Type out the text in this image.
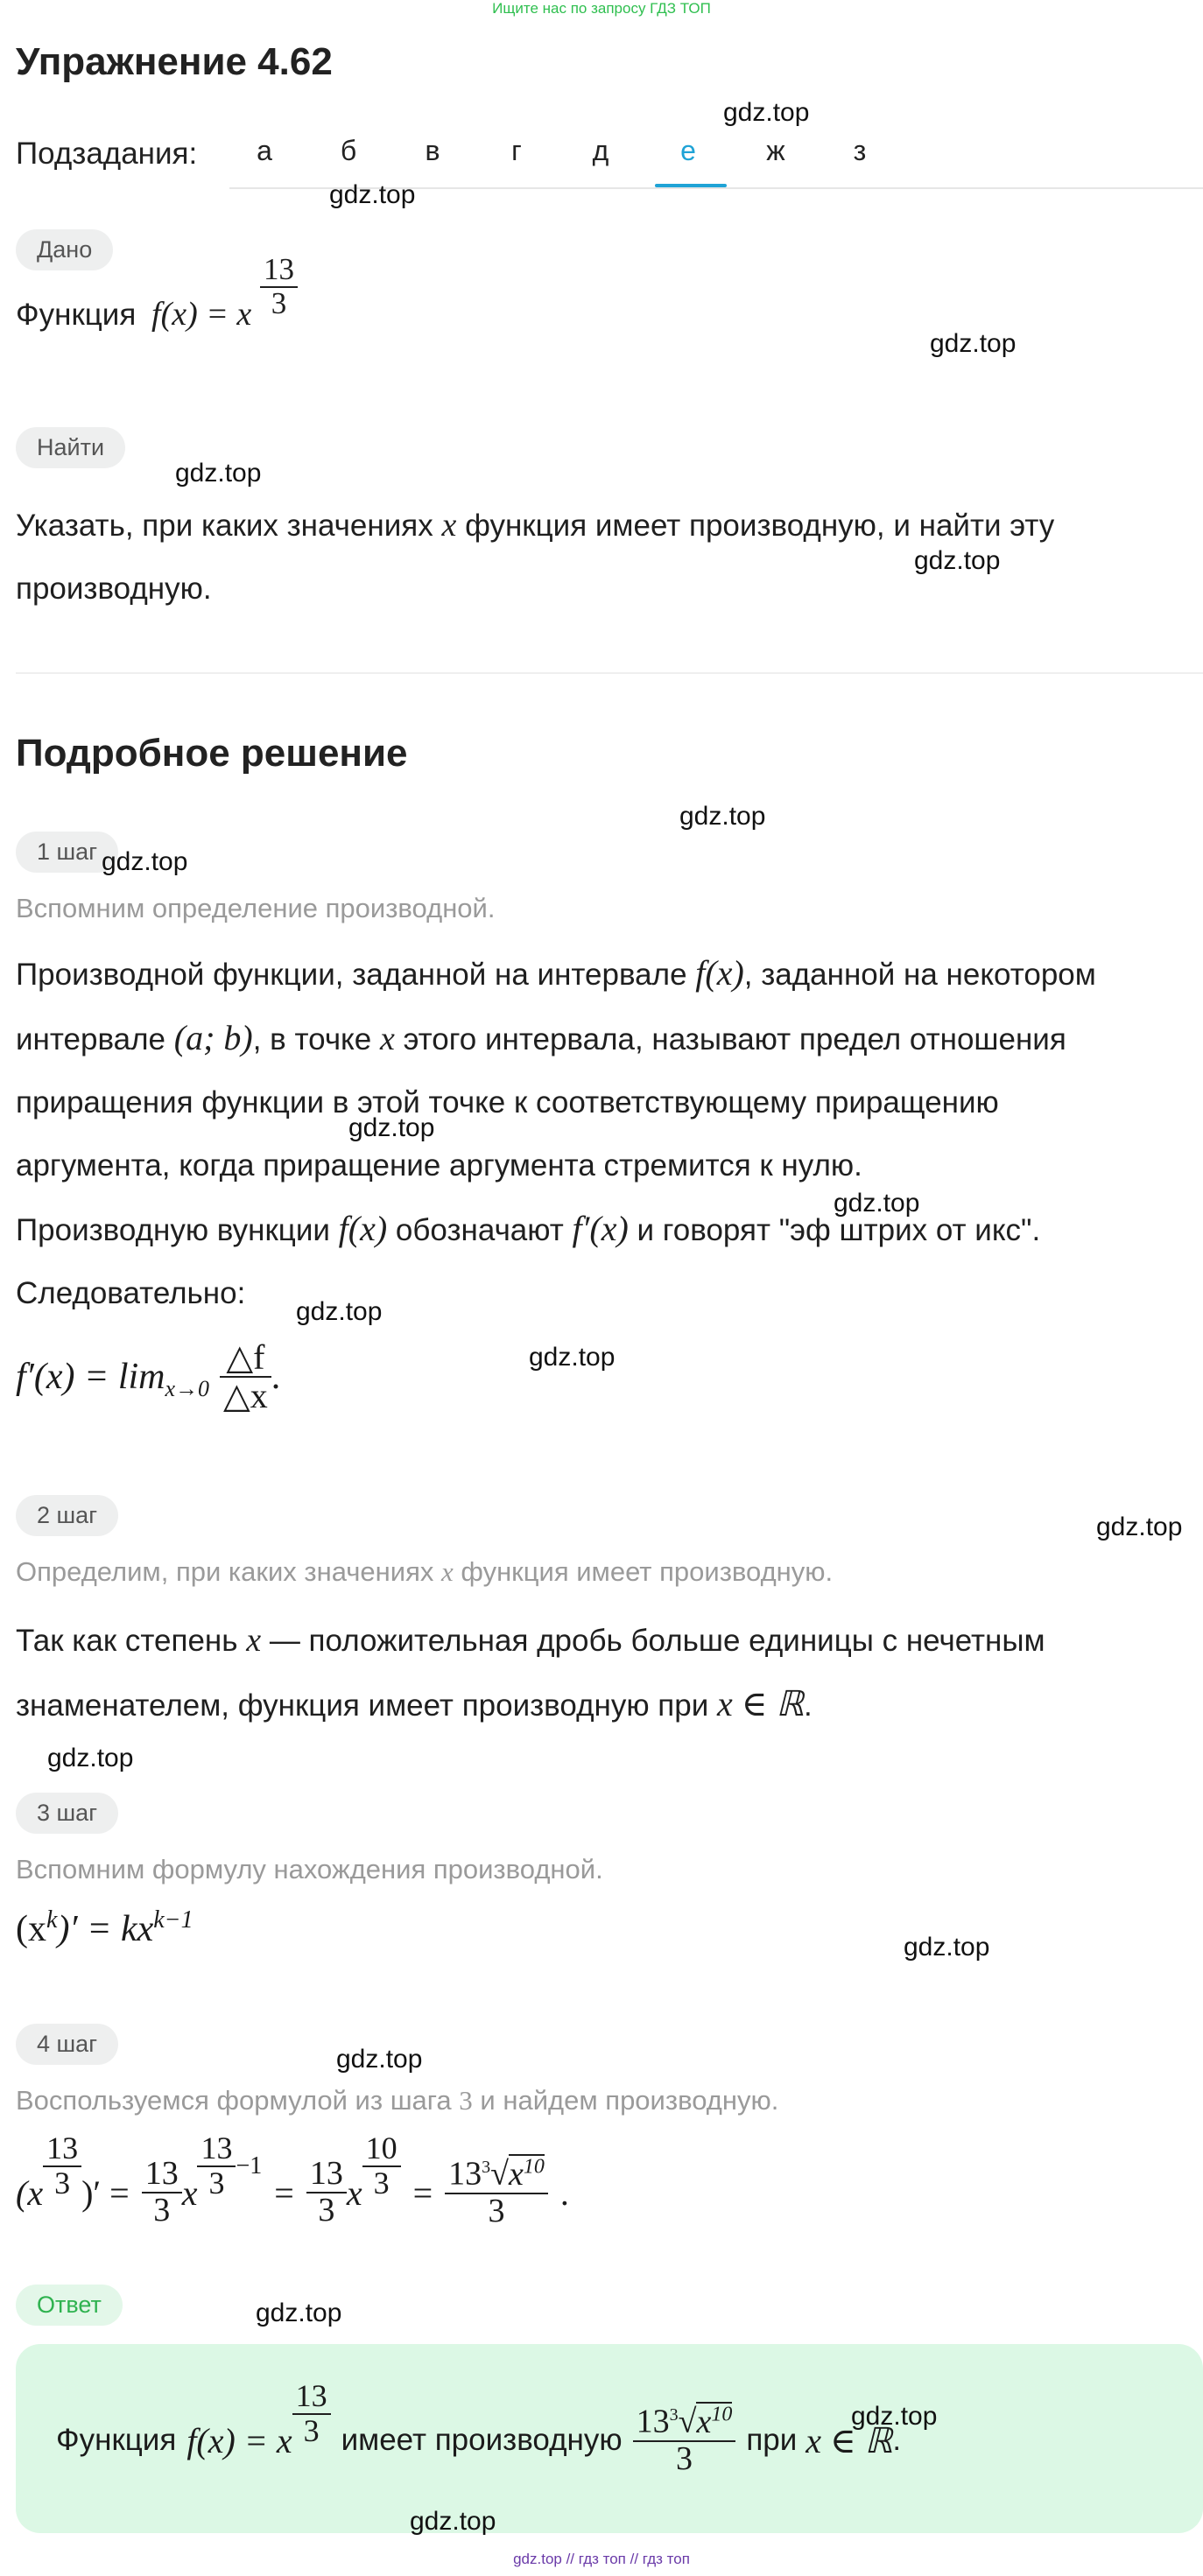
Ищите нас по запросу ГДЗ ТОП
Упражнение 4.62
Подзадания:	а	б	в	г	д	е	ж	з
Дано
Функция f(x) = x $\frac{13}{3}$
Найти
Указать, при каких значениях x функция имеет производную, и найти эту
производную.
Подробное решение
1 шаг
Вспомним определение производной.
Производной функции, заданной на интервале f(x), заданной на некотором
интервале (a; b), в точке x этого интервала, называют предел отношения
приращения функции в этой точке к соответствующему приращению
аргумента, когда приращение аргумента стремится к нулю.
Производную вункции f(x) обозначают f′(x) и говорят "эф штрих от икс".
Следовательно:
$f'(x) = \lim x\to 0 \frac{\triangle f}{\triangle x}$ .
2 шаг
Определим, при каких значениях x функция имеет производную.
Так как степень x — положительная дробь больше единицы с нечетным
знаменателем, функция имеет производную при x ∈ ℝ.
3 шаг
Вспомним формулу нахождения производной.
$(x^k)' = kx^{k-1}$
4 шаг
Воспользуемся формулой из шага 3 и найдем производную.
($x \frac{13}{3}$ )′ = $\frac{13}{3}$ x $\frac{13}{3} -1$
= $\frac{13}{3}$ x $\frac{10}{3} = \frac{13^3√x^{10}}{3}$ .
Ответ
Функция f(x) = x $\frac{13}{3}$ имеет производную $\frac{13^3√x^{10}}{3}$ при x ∈ ℝ .
gdz.top
gdz.top
gdz.top
gdz.top
gdz.top
gdz.top
gdz.top
gdz.top
gdz.top
gdz.top
gdz.top
gdz.top
gdz.top
gdz.top
gdz.top
gdz.top
gdz.top
gdz.top
gdz.top // гдз топ // гдз топ
